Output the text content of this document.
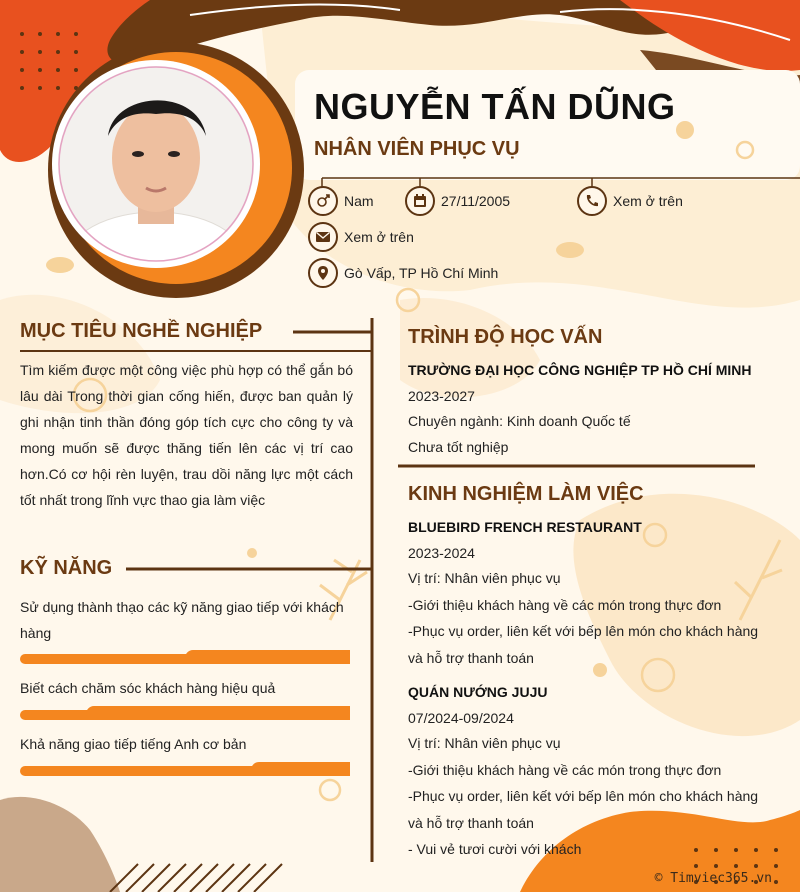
NGUYỄN TẤN DŨNG
NHÂN VIÊN PHỤC VỤ
Nam	27/11/2005	Xem ở trên
Xem ở trên
Gò Vấp, TP Hồ Chí Minh
MỤC TIÊU NGHỀ NGHIỆP
Tìm kiếm được một công việc phù hợp có thể gắn bó lâu dài Trong thời gian cống hiến, được ban quản lý ghi nhận tinh thần đóng góp tích cực cho công ty và mong muốn sẽ được thăng tiến lên các vị trí cao hơn.Có cơ hội rèn luyện, trau dồi năng lực một cách tốt nhất trong lĩnh vực thao gia làm việc
KỸ NĂNG
Sử dụng thành thạo các kỹ năng giao tiếp với khách hàng
Biết cách chăm sóc khách hàng hiệu quả
Khả năng giao tiếp tiếng Anh cơ bản
TRÌNH ĐỘ HỌC VẤN
TRƯỜNG ĐẠI HỌC CÔNG NGHIỆP TP HỒ CHÍ MINH
2023-2027
Chuyên ngành: Kinh doanh Quốc tế
Chưa tốt nghiệp
KINH NGHIỆM LÀM VIỆC
BLUEBIRD FRENCH RESTAURANT
2023-2024
Vị trí: Nhân viên phục vụ
-Giới thiệu khách hàng về các món trong thực đơn
-Phục vụ order, liên kết với bếp lên món cho khách hàng
và hỗ trợ thanh toán
QUÁN NƯỚNG JUJU
07/2024-09/2024
Vị trí: Nhân viên phục vụ
-Giới thiệu khách hàng về các món trong thực đơn
-Phục vụ order, liên kết với bếp lên món cho khách hàng
và hỗ trợ thanh toán
- Vui vẻ tươi cười với khách
© Timviec365.vn
